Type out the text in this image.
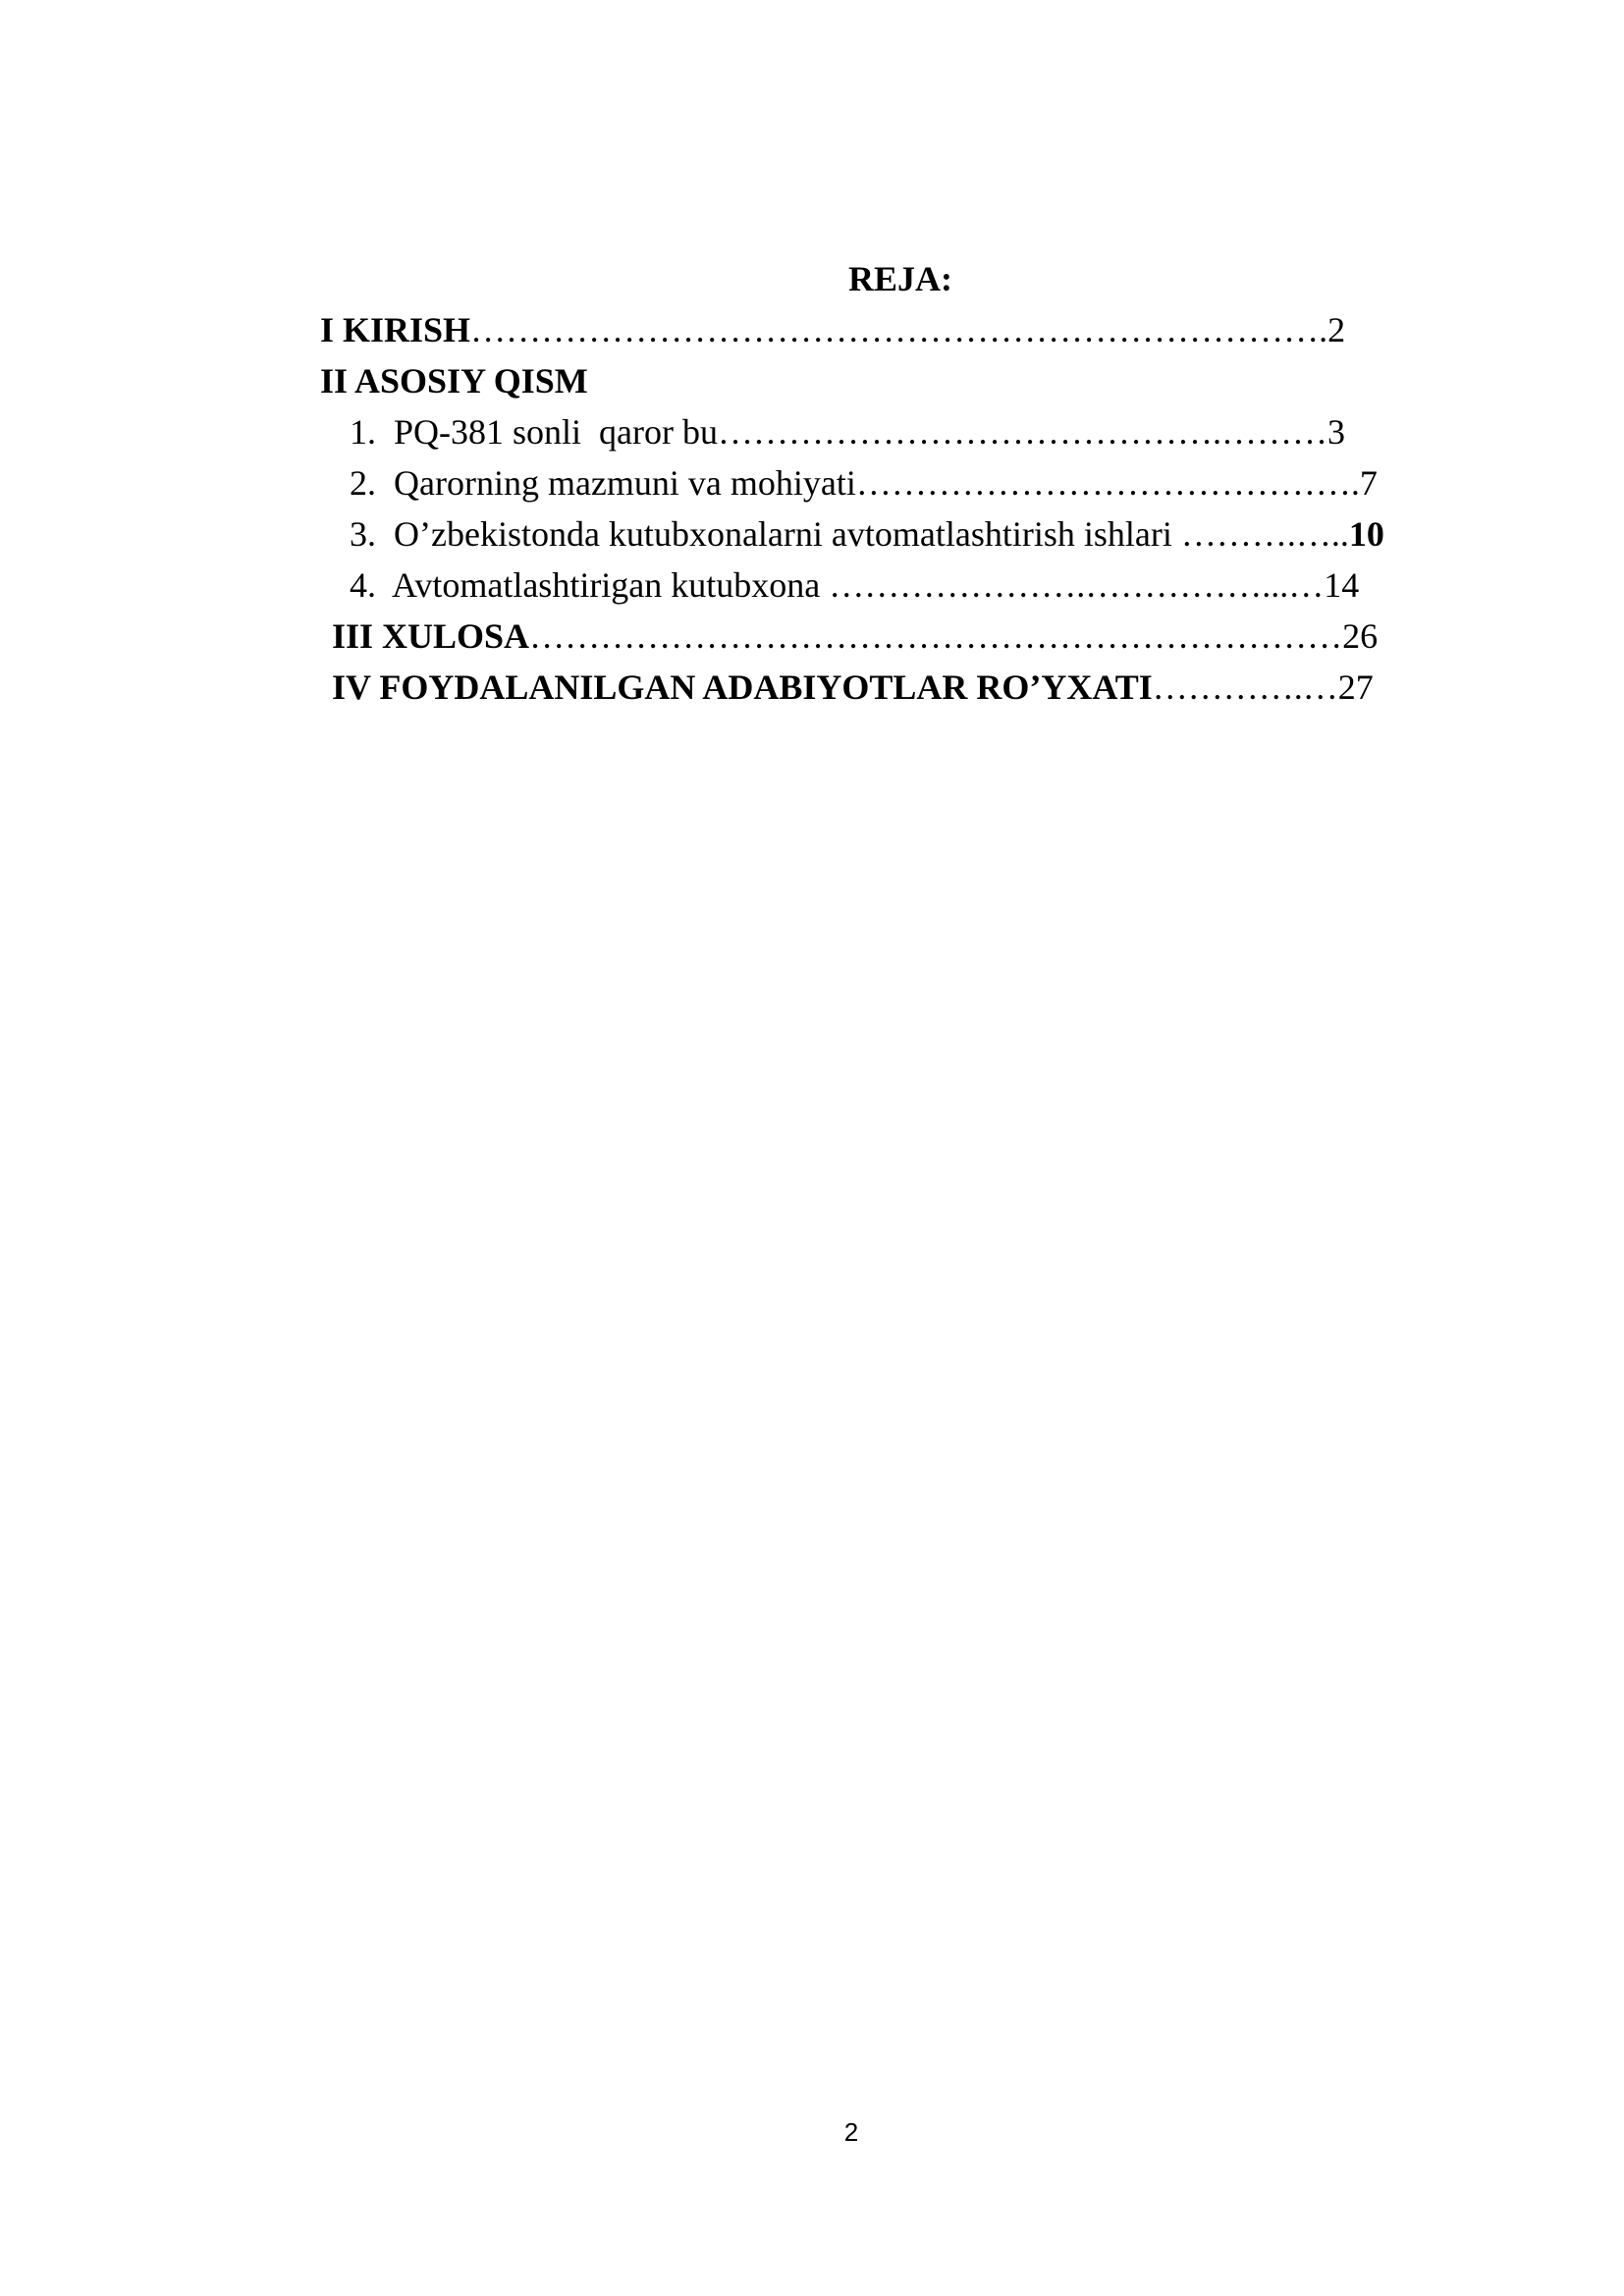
REJA:
I KIRISH……………………………………………………………….2
II ASOSIY QISM
1.  PQ-381 sonli  qaror bu…………………………………….………3
2.  Qarorning mazmuni va mohiyati…………………………………….7
3.  O’zbekistonda kutubxonalarni avtomatlashtirish ishlari ……….…..10
4.  Avtomatlashtirigan kutubxona ………………….……………...…14
III XULOSA……………………………………………………………26
IV FOYDALANILGAN ADABIYOTLAR RO’YXATI………….…27
2
